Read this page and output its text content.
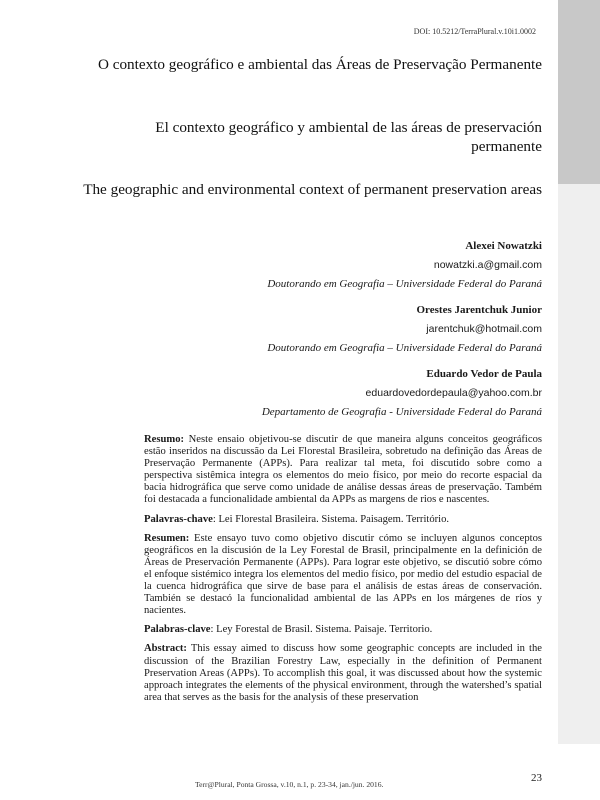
DOI: 10.5212/TerraPlural.v.10i1.0002
O contexto geográfico e ambiental das Áreas de Preservação Permanente
El contexto geográfico y ambiental de las áreas de preservación permanente
The geographic and environmental context of permanent preservation areas
Alexei Nowatzki
nowatzki.a@gmail.com
Doutorando em Geografia – Universidade Federal do Paraná
Orestes Jarentchuk Junior
jarentchuk@hotmail.com
Doutorando em Geografia – Universidade Federal do Paraná
Eduardo Vedor de Paula
eduardovedordepaula@yahoo.com.br
Departamento de Geografia - Universidade Federal do Paraná

Resumo: Neste ensaio objetivou-se discutir de que maneira alguns conceitos geográficos estão inseridos na discussão da Lei Florestal Brasileira, sobretudo na definição das Áreas de Preservação Permanente (APPs). Para realizar tal meta, foi discutido sobre como a perspectiva sistêmica integra os elementos do meio físico, por meio do recorte espacial da bacia hidrográfica que serve como unidade de análise dessas áreas de preservação. Também foi destacada a funcionalidade ambiental da APPs as margens de rios e nascentes.

Palavras-chave: Lei Florestal Brasileira. Sistema. Paisagem. Território.

Resumen: Este ensayo tuvo como objetivo discutir cómo se incluyen algunos conceptos geográficos en la discusión de la Ley Forestal de Brasil, principalmente en la definición de Áreas de Preservación Permanente (APPs). Para lograr este objetivo, se discutió sobre cómo el enfoque sistémico integra los elementos del medio físico, por medio del estudio espacial de la cuenca hidrográfica que sirve de base para el análisis de estas áreas de conservación. También se destacó la funcionalidad ambiental de las APPs en los márgenes de ríos y nacientes.

Palabras-clave: Ley Forestal de Brasil. Sistema. Paisaje. Territorio.

Abstract: This essay aimed to discuss how some geographic concepts are included in the discussion of the Brazilian Forestry Law, especially in the definition of Permanent Preservation Areas (APPs). To accomplish this goal, it was discussed about how the systemic approach integrates the elements of the physical environment, through the watershed’s spatial area that serves as the basis for the analysis of these preservation

Terr@Plural, Ponta Grossa, v.10, n.1, p. 23-34, jan./jun. 2016.
23
